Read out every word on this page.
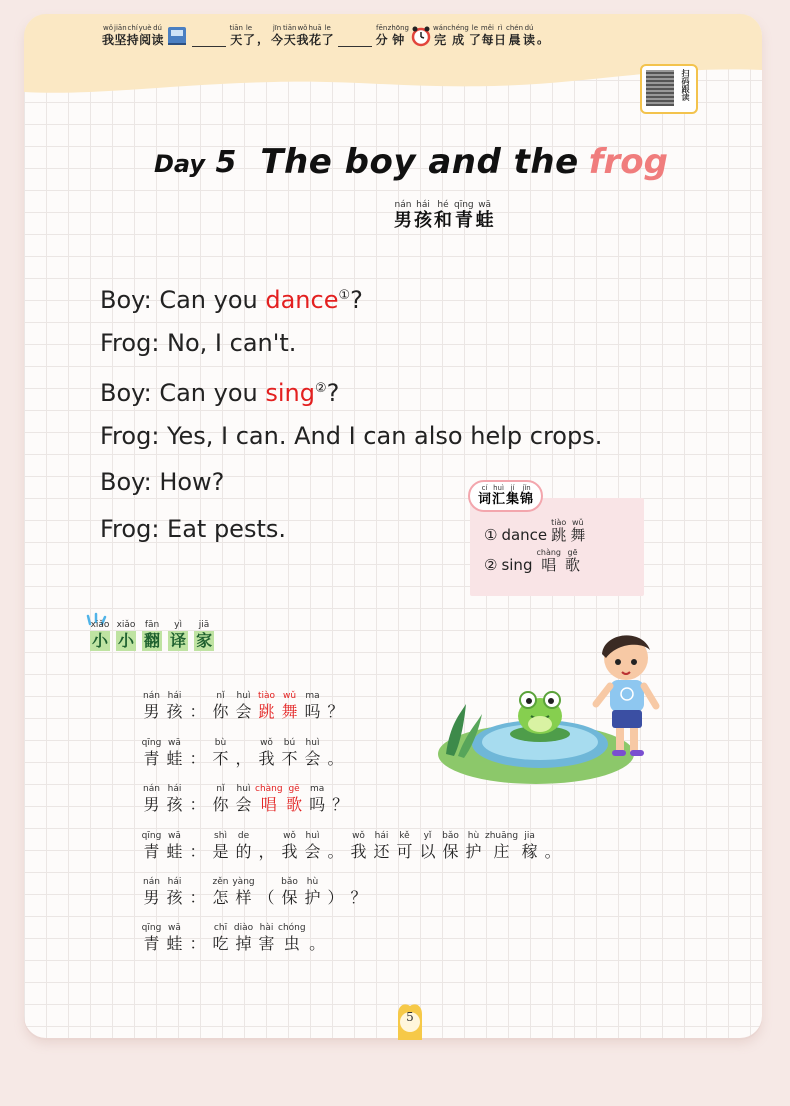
wǒ
我
jiān
坚
chí
持
yuè
阅
dú
读
tiān
天
le
了 ，
jīn
今
tiān
天
wǒ
我
huā
花
le
了
fēn
分
zhōng
钟
wán
完
chéng
成
le
了
měi
每
rì
日
chén
晨
dú
读 。
扫码跟读
Day 5 The boy and the frog
nán
男
hái
孩
hé
和
qīng
青
wā
蛙
Boy: Can you dance①?
Frog: No, I can't.
Boy: Can you sing②?
Frog: Yes, I can. And I can also help crops.
Boy: How?
Frog: Eat pests.
cí
词
huì
汇
jí
集
jǐn
锦
① dance
tiào
跳
wǔ
舞
② sing
chàng
唱
gē
歌
xiǎo
小
xiǎo
小
fān
翻
yì
译
jiā
家
nán
男
hái
孩 ：
nǐ
你
huì
会
tiào
跳
wǔ
舞
ma
吗 ？
qīng
青
wā
蛙 ：
bù
不 ，
wǒ
我
bú
不
huì
会 。
nán
男
hái
孩 ：
nǐ
你
huì
会
chàng
唱
gē
歌
ma
吗 ？
qīng
青
wā
蛙 ：
shì
是
de
的 ，
wǒ
我
huì
会 。
wǒ
我
hái
还
kě
可
yǐ
以
bǎo
保
hù
护
zhuāng
庄
jia
稼 。
nán
男
hái
孩 ：
zěn
怎
yàng
样 （
bǎo
保
hù
护 ） ？
qīng
青
wā
蛙 ：
chī
吃
diào
掉
hài
害
chóng
虫 。
5
